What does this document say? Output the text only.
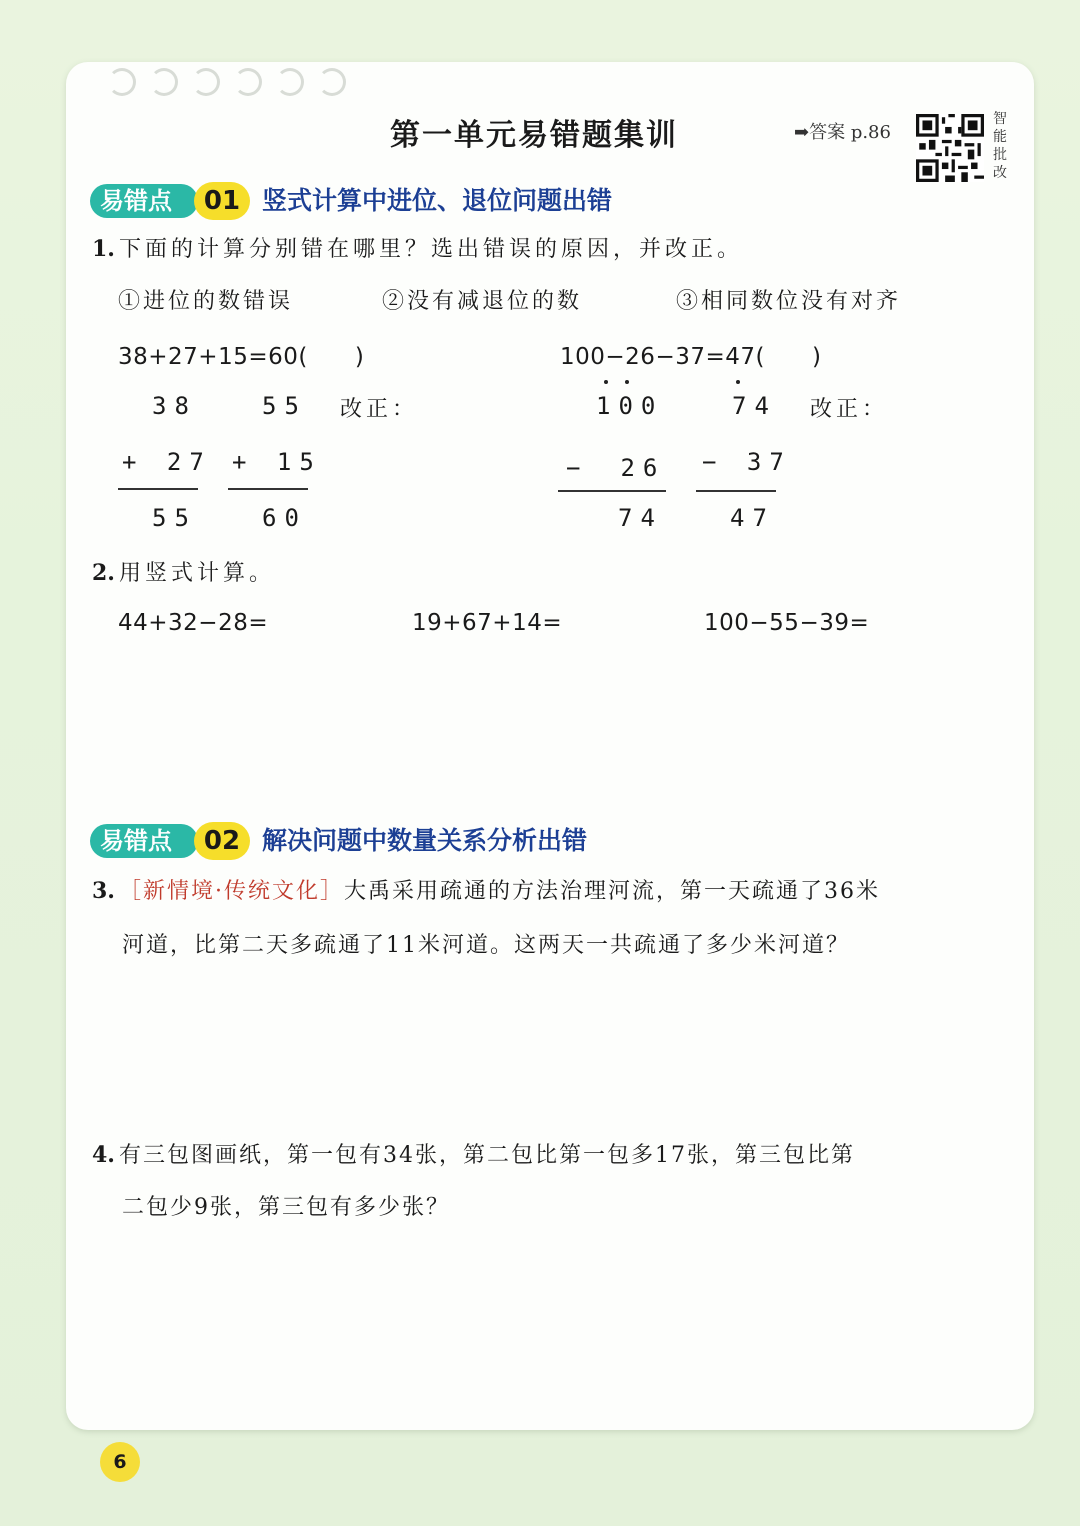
第一单元易错题集训	➡答案 p.86
智能批改
易错点	01 竖式计算中进位、退位问题出错
1. 下面的计算分别错在哪里？选出错误的原因，并改正。
①进位的数错误	②没有减退位的数	③相同数位没有对齐
38+27+15=60(　　)	100−26−37=47(　　)
38
+ 27
55
55
+ 15
60
改正：	100
−　26
74
74
− 37
47
改正：
2. 用竖式计算。
44+32−28=	19+67+14=	100−55−39=
易错点	02 解决问题中数量关系分析出错
3. ［新情境·传统文化］大禹采用疏通的方法治理河流，第一天疏通了36米
河道，比第二天多疏通了11米河道。这两天一共疏通了多少米河道？
4. 有三包图画纸，第一包有34张，第二包比第一包多17张，第三包比第
二包少9张，第三包有多少张？
6
